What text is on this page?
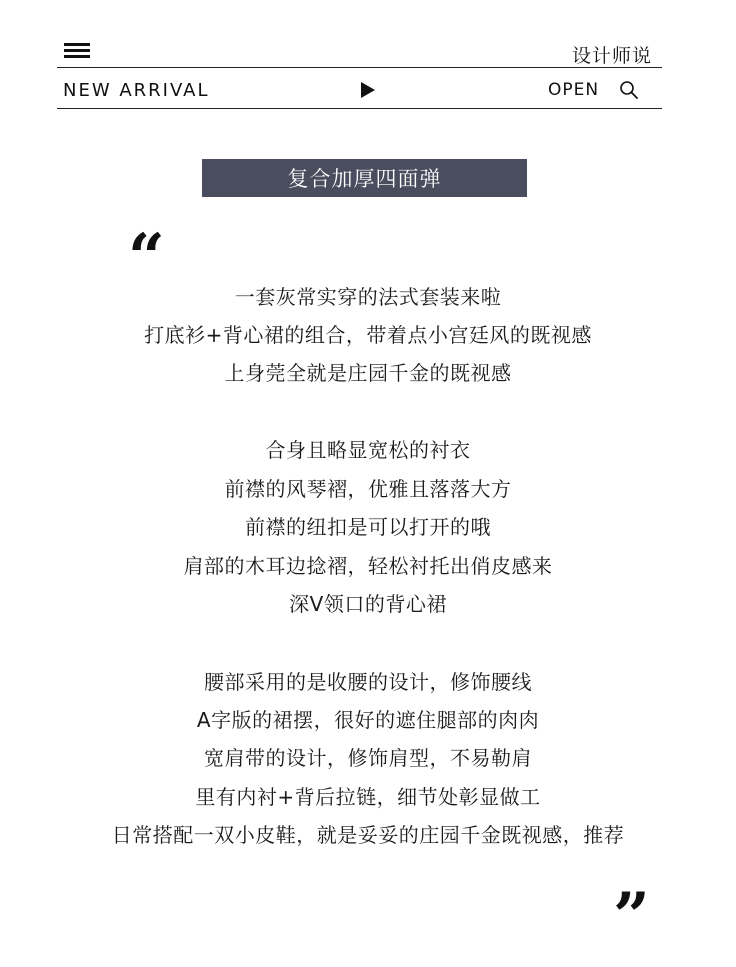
设计师说
NEW ARRIVAL	OPEN
复合加厚四面弹
“
一套灰常实穿的法式套装来啦
打底衫+背心裙的组合，带着点小宫廷风的既视感
上身莞全就是庄园千金的既视感
合身且略显宽松的衬衣
前襟的风琴褶，优雅且落落大方
前襟的纽扣是可以打开的哦
肩部的木耳边捻褶，轻松衬托出俏皮感来
深V领口的背心裙
腰部采用的是收腰的设计，修饰腰线
A字版的裙摆，很好的遮住腿部的肉肉
宽肩带的设计，修饰肩型，不易勒肩
里有内衬+背后拉链，细节处彰显做工
日常搭配一双小皮鞋，就是妥妥的庄园千金既视感，推荐
”
